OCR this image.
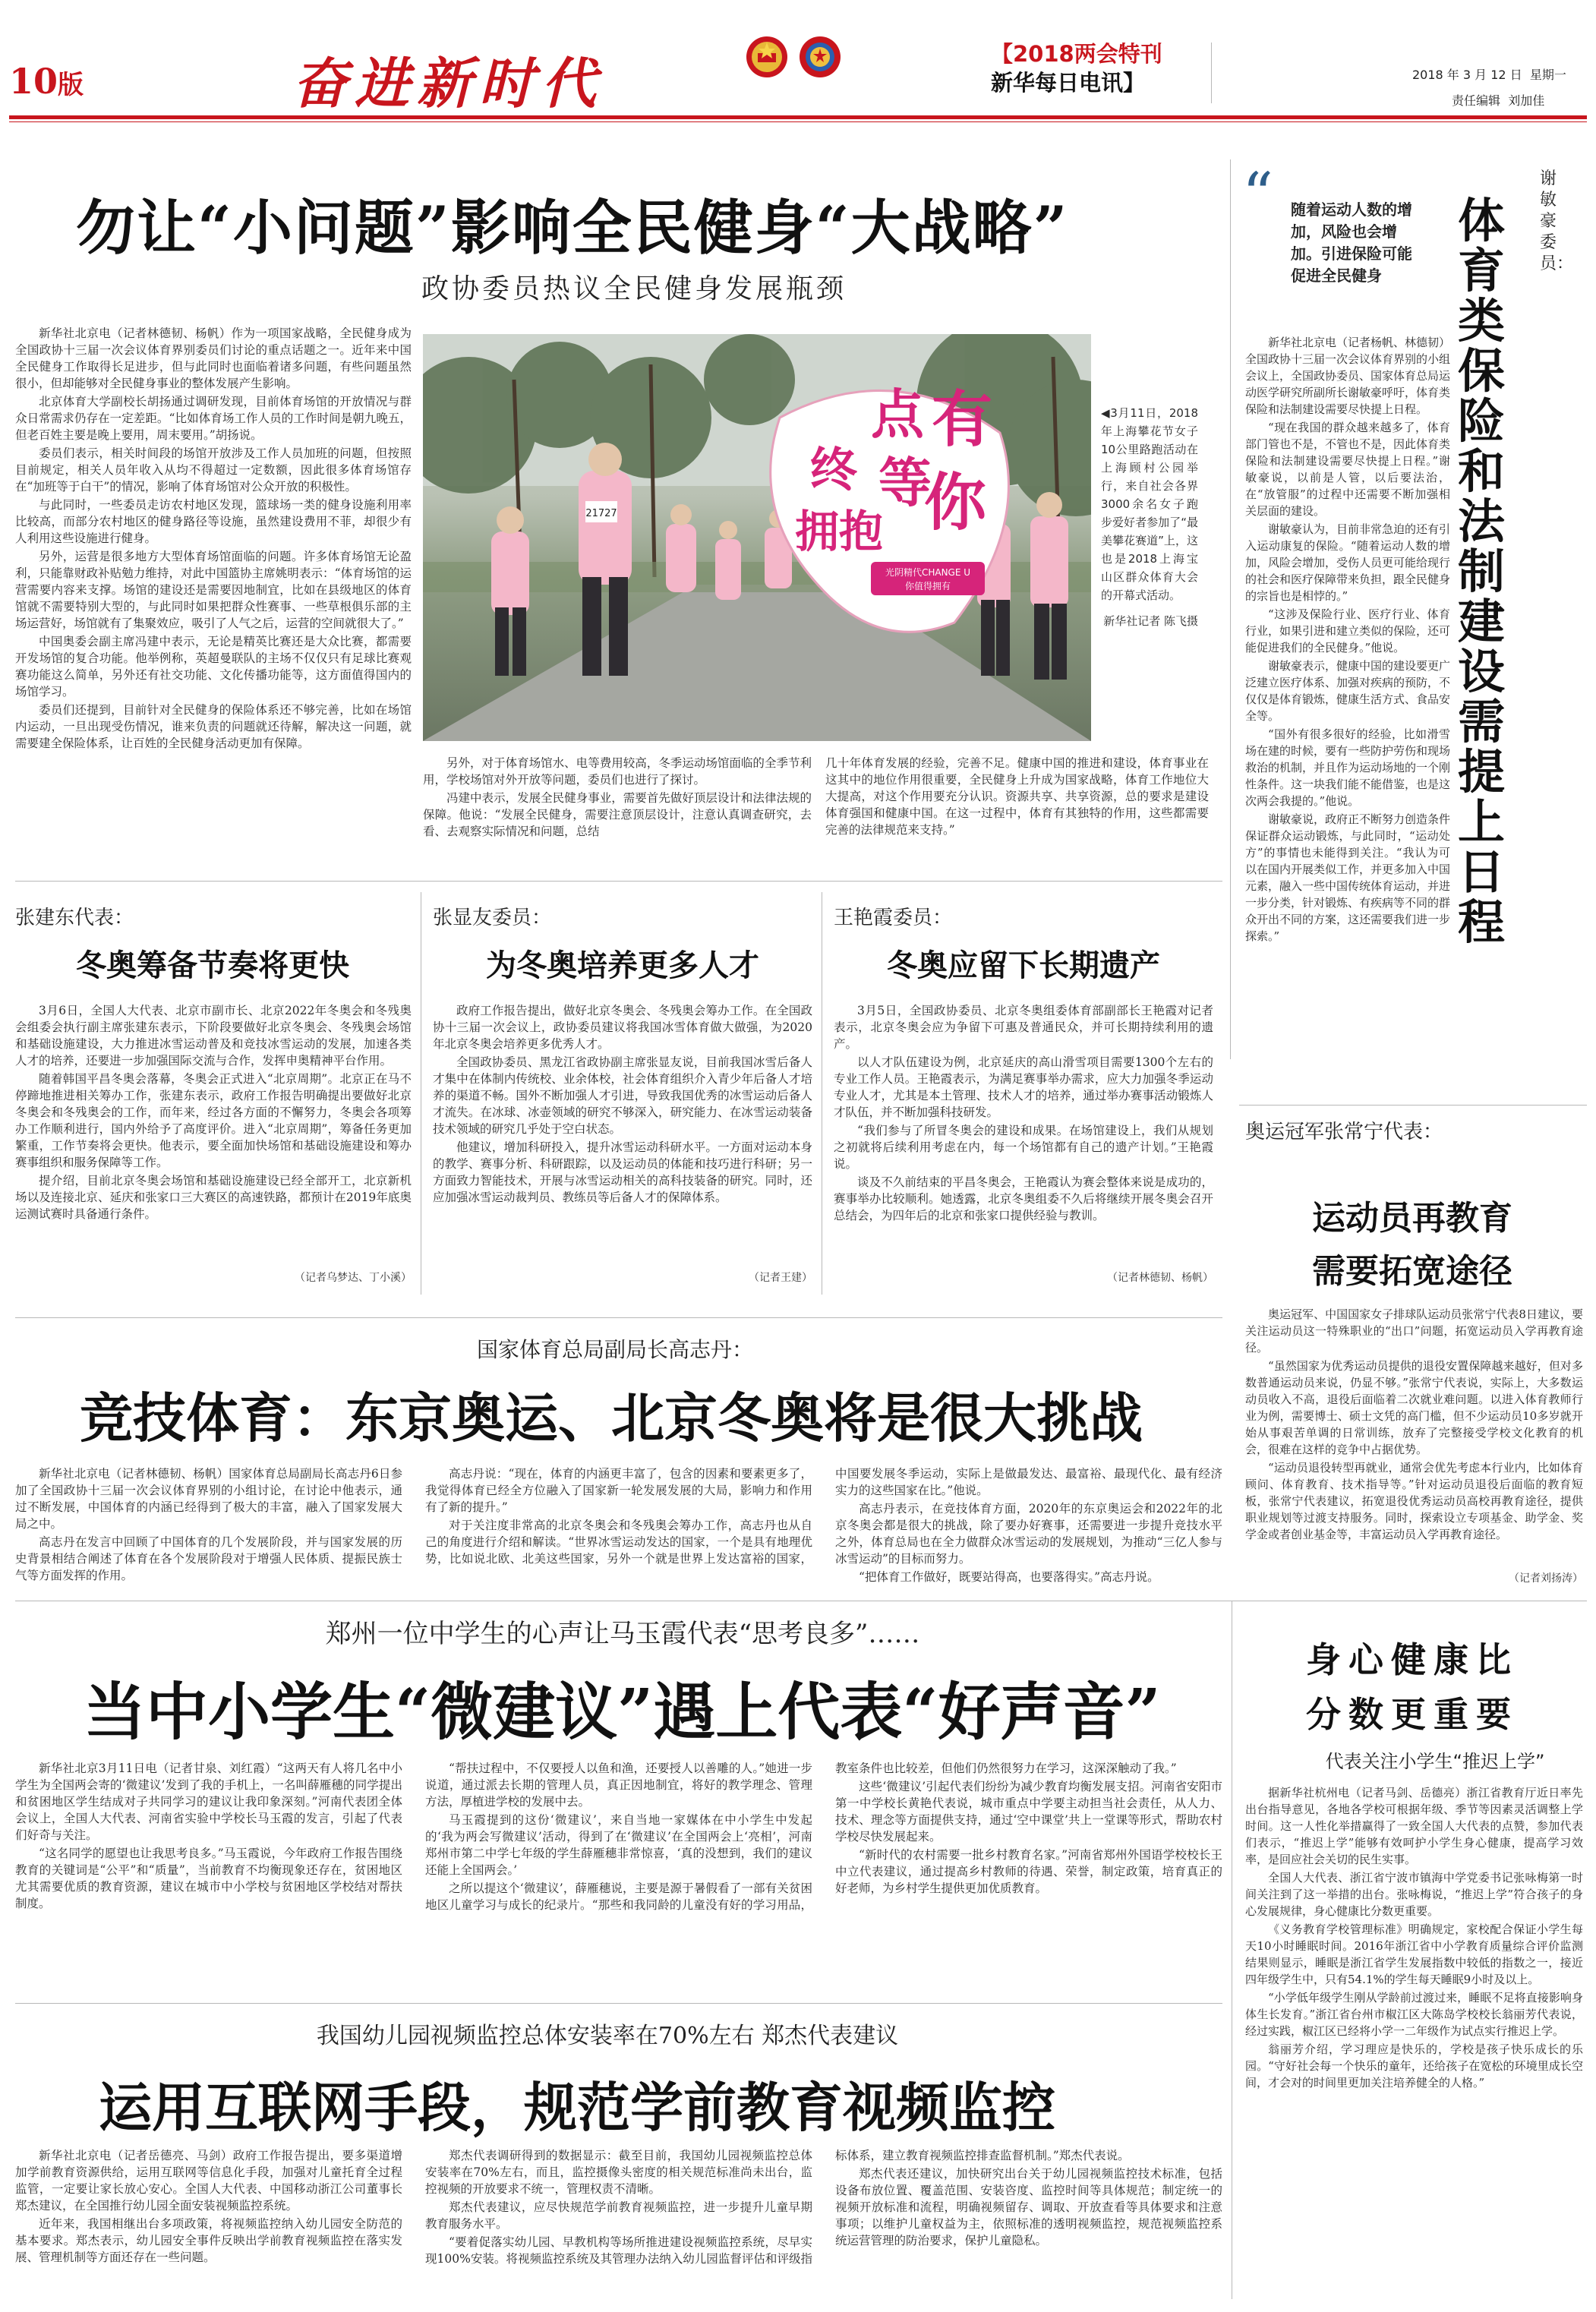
10版	奋进新时代	【2018两会特刊
新华每日电讯】	2018 年 3 月 12 日 星期一
责任编辑 刘加佳
勿让“小问题”影响全民健身“大战略”
政协委员热议全民健身发展瓶颈

新华社北京电（记者林德韧、杨帆）作为一项国家战略，全民健身成为全国政协十三届一次会议体育界别委员们讨论的重点话题之一。近年来中国全民健身工作取得长足进步，但与此同时也面临着诸多问题，有些问题虽然很小，但却能够对全民健身事业的整体发展产生影响。

北京体育大学副校长胡扬通过调研发现，目前体育场馆的开放情况与群众日常需求仍存在一定差距。“比如体育场工作人员的工作时间是朝九晚五，但老百姓主要是晚上要用，周末要用。”胡扬说。

委员们表示，相关时间段的场馆开放涉及工作人员加班的问题，但按照目前规定，相关人员年收入从均不得超过一定数额，因此很多体育场馆存在“加班等于白干”的情况，影响了体育场馆对公众开放的积极性。

与此同时，一些委员走访农村地区发现，篮球场一类的健身设施利用率比较高，而部分农村地区的健身路径等设施，虽然建设费用不菲，却很少有人利用这些设施进行健身。

另外，运营是很多地方大型体育场馆面临的问题。许多体育场馆无论盈利，只能靠财政补贴勉力维持，对此中国篮协主席姚明表示：“体育场馆的运营需要内容来支撑。场馆的建设还是需要因地制宜，比如在县级地区的体育馆就不需要特别大型的，与此同时如果把群众性赛事、一些草根俱乐部的主场运营好，场馆就有了集聚效应，吸引了人气之后，运营的空间就很大了。”

中国奥委会副主席冯建中表示，无论是精英比赛还是大众比赛，都需要开发场馆的复合功能。他举例称，英超曼联队的主场不仅仅只有足球比赛观赛功能这么简单，另外还有社交功能、文化传播功能等，这方面值得国内的场馆学习。

委员们还提到，目前针对全民健身的保险体系还不够完善，比如在场馆内运动，一旦出现受伤情况，谁来负责的问题就还待解，解决这一问题，就需要建全保险体系，让百姓的全民健身活动更加有保障。

21727
点 有
等
终
拥抱 你
光阴精代CHANGE U
你值得拥有
◀3月11日，2018年上海攀花节女子10公里路跑活动在上海顾村公园举行，来自社会各界3000余名女子跑步爱好者参加了“最美攀花赛道”上，这也是2018上海宝山区群众体育大会的开幕式活动。
新华社记者 陈飞摄

另外，对于体育场馆水、电等费用较高，冬季运动场馆面临的全季节利用，学校场馆对外开放等问题，委员们也进行了探讨。

冯建中表示，发展全民健身事业，需要首先做好顶层设计和法律法规的保障。他说：“发展全民健身，需要注意顶层设计，注意认真调查研究，去看、去观察实际情况和问题，总结

几十年体育发展的经验，完善不足。健康中国的推进和建设，体育事业在这其中的地位作用很重要，全民健身上升成为国家战略，体育工作地位大大提高，对这个作用要充分认识。资源共享、共享资源，总的要求是建设体育强国和健康中国。在这一过程中，体育有其独特的作用，这些都需要完善的法律规范来支持。”

“ 随着运动人数的增加，风险也会增加。引进保险可能促进全民健身
谢敏豪委员：
体育类保险和法制建设需提上日程

新华社北京电（记者杨帆、林德韧）全国政协十三届一次会议体育界别的小组会议上，全国政协委员、国家体育总局运动医学研究所副所长谢敏豪呼吁，体育类保险和法制建设需要尽快提上日程。

“现在我国的群众越来越多了，体育部门管也不是，不管也不是，因此体育类保险和法制建设需要尽快提上日程。”谢敏豪说，以前是人管，以后要法治，在“放管服”的过程中还需要不断加强相关层面的建设。

谢敏豪认为，目前非常急迫的还有引入运动康复的保险。“随着运动人数的增加，风险会增加，受伤人员更可能给现行的社会和医疗保障带来负担，跟全民健身的宗旨也是相悖的。”

“这涉及保险行业、医疗行业、体育行业，如果引进和建立类似的保险，还可能促进我们的全民健身。”他说。

谢敏豪表示，健康中国的建设要更广泛建立医疗体系、加强对疾病的预防，不仅仅是体育锻炼，健康生活方式、食品安全等。

“国外有很多很好的经验，比如滑雪场在建的时候，要有一些防护劳伤和现场救治的机制，并且作为运动场地的一个刚性条件。这一块我们能不能借鉴，也是这次两会我提的。”他说。

谢敏豪说，政府正不断努力创造条件保证群众运动锻炼，与此同时，“运动处方”的事情也未能得到关注。“我认为可以在国内开展类似工作，并更多加入中国元素，融入一些中国传统体育运动，并进一步分类，针对锻炼、有疾病等不同的群众开出不同的方案，这还需要我们进一步探索。”

张建东代表：
冬奥筹备节奏将更快

3月6日，全国人大代表、北京市副市长、北京2022年冬奥会和冬残奥会组委会执行副主席张建东表示，下阶段要做好北京冬奥会、冬残奥会场馆和基础设施建设，大力推进冰雪运动普及和竞技冰雪运动的发展，加速各类人才的培养，还要进一步加强国际交流与合作，发挥申奥精神平台作用。

随着韩国平昌冬奥会落幕，冬奥会正式进入“北京周期”。北京正在马不停蹄地推进相关筹办工作，张建东表示，政府工作报告明确提出要做好北京冬奥会和冬残奥会的工作，而年来，经过各方面的不懈努力，冬奥会各项筹办工作顺利进行，国内外给予了高度评价。进入“北京周期”，筹备任务更加繁重，工作节奏将会更快。他表示，要全面加快场馆和基础设施建设和筹办赛事组织和服务保障等工作。

提介绍，目前北京冬奥会场馆和基础设施建设已经全部开工，北京新机场以及连接北京、延庆和张家口三大赛区的高速铁路，都预计在2019年底奥运测试赛时具备通行条件。

（记者乌梦达、丁小溪）
张显友委员：
为冬奥培养更多人才

政府工作报告提出，做好北京冬奥会、冬残奥会筹办工作。在全国政协十三届一次会议上，政协委员建议将我国冰雪体育做大做强，为2020年北京冬奥会培养更多优秀人才。

全国政协委员、黑龙江省政协副主席张显友说，目前我国冰雪后备人才集中在体制内传统校、业余体校，社会体育组织介入青少年后备人才培养的渠道不畅。国外不断加强人才引进，导致我国优秀的冰雪运动后备人才流失。在冰球、冰壶领域的研究不够深入，研究能力、在冰雪运动装备技术领域的研究几乎处于空白状态。

他建议，增加科研投入，提升冰雪运动科研水平。一方面对运动本身的教学、赛事分析、科研跟踪，以及运动员的体能和技巧进行科研；另一方面致力智能技术，开展与冰雪运动相关的高科技装备的研究。同时，还应加强冰雪运动裁判员、教练员等后备人才的保障体系。

（记者王建）
王艳霞委员：
冬奥应留下长期遗产

3月5日，全国政协委员、北京冬奥组委体育部副部长王艳霞对记者表示，北京冬奥会应为争留下可惠及普通民众，并可长期持续利用的遗产。

以人才队伍建设为例，北京延庆的高山滑雪项目需要1300个左右的专业工作人员。王艳霞表示，为满足赛事举办需求，应大力加强冬季运动专业人才，尤其是本土管理、技术人才的培养，通过举办赛事活动锻炼人才队伍，并不断加强科技研发。

“我们参与了所冒冬奥会的建设和成果。在场馆建设上，我们从规划之初就将后续利用考虑在内，每一个场馆都有自己的遗产计划。”王艳霞说。

谈及不久前结束的平昌冬奥会，王艳霞认为赛会整体来说是成功的，赛事举办比较顺利。她透露，北京冬奥组委不久后将继续开展冬奥会召开总结会，为四年后的北京和张家口提供经验与教训。

（记者林德韧、杨帆）
奥运冠军张常宁代表：
运动员再教育
需要拓宽途径

奥运冠军、中国国家女子排球队运动员张常宁代表8日建议，要关注运动员这一特殊职业的“出口”问题，拓宽运动员入学再教育途径。

“虽然国家为优秀运动员提供的退役安置保障越来越好，但对多数普通运动员来说，仍显不够。”张常宁代表说，实际上，大多数运动员收入不高，退役后面临着二次就业难问题。以进入体育教师行业为例，需要博士、硕士文凭的高门槛，但不少运动员10多岁就开始从事艰苦单调的日常训练，放弃了完整接受学校文化教育的机会，很难在这样的竞争中占据优势。

“运动员退役转型再就业，通常会优先考虑本行业内，比如体育顾问、体育教育、技术指导等。”针对运动员退役后面临的教育短板，张常宁代表建议，拓宽退役优秀运动员高校再教育途径，提供职业规划等过渡支持服务。同时，探索设立专项基金、助学金、奖学金或者创业基金等，丰富运动员入学再教育途径。

（记者刘扬涛）
国家体育总局副局长高志丹：
竞技体育：东京奥运、北京冬奥将是很大挑战

新华社北京电（记者林德韧、杨帆）国家体育总局副局长高志丹6日参加了全国政协十三届一次会议体育界别的小组讨论，在讨论中他表示，通过不断发展，中国体育的内涵已经得到了极大的丰富，融入了国家发展大局之中。

高志丹在发言中回顾了中国体育的几个发展阶段，并与国家发展的历史背景相结合阐述了体育在各个发展阶段对于增强人民体质、提振民族士气等方面发挥的作用。

高志丹说：“现在，体育的内涵更丰富了，包含的因素和要素更多了，我觉得体育已经全方位融入了国家新一轮发展发展的大局，影响力和作用有了新的提升。”

对于关注度非常高的北京冬奥会和冬残奥会筹办工作，高志丹也从自己的角度进行介绍和解读。“世界冰雪运动发达的国家，一个是具有地理优势，比如说北欧、北美这些国家，另外一个就是世界上发达富裕的国家，中国要发展冬季运动，实际上是做最发达、最富裕、最现代化、最有经济实力的这些国家在比。”他说。

高志丹表示，在竞技体育方面，2020年的东京奥运会和2022年的北京冬奥会都是很大的挑战，除了要办好赛事，还需要进一步提升竞技水平之外，体育总局也在全力做群众冰雪运动的发展规划，为推动“三亿人参与冰雪运动”的目标而努力。

“把体育工作做好，既要站得高，也要落得实。”高志丹说。

郑州一位中学生的心声让马玉霞代表“思考良多”……
当中小学生“微建议”遇上代表“好声音”

新华社北京3月11日电（记者甘泉、刘红霞）“这两天有人将几名中小学生为全国两会寄的‘微建议’发到了我的手机上，一名叫薛雁穗的同学提出和贫困地区学生结成对子共同学习的建议让我印象深刻。”河南代表团全体会议上，全国人大代表、河南省实验中学校长马玉霞的发言，引起了代表们好奇与关注。

“这名同学的愿望也让我思考良多。”马玉霞说，今年政府工作报告围绕教育的关键词是“公平”和“质量”，当前教育不均衡现象还存在，贫困地区尤其需要优质的教育资源，建议在城市中小学校与贫困地区学校结对帮扶制度。

“帮扶过程中，不仅要授人以鱼和渔，还要授人以善雕的人。”她进一步说道，通过派去长期的管理人员，真正因地制宜，将好的教学理念、管理方法，厚植进学校的发展中去。

马玉霞提到的这份‘微建议’，来自当地一家媒体在中小学生中发起的‘我为两会写微建议’活动，得到了在‘微建议’在全国两会上‘亮相’，河南郑州市第二中学七年级的学生薛雁穗非常惊喜，‘真的没想到，我们的建议还能上全国两会。’

之所以提这个‘微建议’，薛雁穗说，主要是源于暑假看了一部有关贫困地区儿童学习与成长的纪录片。“那些和我同龄的儿童没有好的学习用品，教室条件也比较差，但他们仍然很努力在学习，这深深触动了我。”

这些‘微建议’引起代表们纷纷为减少教育均衡发展支招。河南省安阳市第一中学校长黄艳代表说，城市重点中学要主动担当社会责任，从人力、技术、理念等方面提供支持，通过‘空中课堂’共上一堂课等形式，帮助农村学校尽快发展起来。

“新时代的农村需要一批乡村教育名家。”河南省郑州外国语学校校长王中立代表建议，通过提高乡村教师的待遇、荣誉，制定政策，培育真正的好老师，为乡村学生提供更加优质教育。

身心健康比
分数更重要
代表关注小学生“推迟上学”

据新华社杭州电（记者马剑、岳德亮）浙江省教育厅近日率先出台指导意见，各地各学校可根据年级、季节等因素灵活调整上学时间。这一人性化举措赢得了一致全国人大代表的点赞，参加代表们表示，“推迟上学”能够有效呵护小学生身心健康，提高学习效率，是回应社会关切的民生实事。

全国人大代表、浙江省宁波市镇海中学党委书记张咏梅第一时间关注到了这一举措的出台。张咏梅说，“推迟上学”符合孩子的身心发展规律，身心健康比分数更重要。

《义务教育学校管理标准》明确规定，家校配合保证小学生每天10小时睡眠时间。2016年浙江省中小学教育质量综合评价监测结果则显示，睡眠是浙江省学生发展指数中较低的指数之一，接近四年级学生中，只有54.1%的学生每天睡眠9小时及以上。

“小学低年级学生刚从学龄前过渡过来，睡眠不足将直接影响身体生长发育。”浙江省台州市椒江区大陈岛学校校长翁丽芳代表说，经过实践，椒江区已经将小学一二年级作为试点实行推迟上学。

翁丽芳介绍，学习理应是快乐的，学校是孩子快乐成长的乐园。“守好社会每一个快乐的童年，还给孩子在宽松的环境里成长空间，才会对的时间里更加关注培养健全的人格。”

我国幼儿园视频监控总体安装率在70%左右 郑杰代表建议
运用互联网手段，规范学前教育视频监控

新华社北京电（记者岳德亮、马剑）政府工作报告提出，要多渠道增加学前教育资源供给，运用互联网等信息化手段，加强对儿童托育全过程监管，一定要让家长放心安心。全国人大代表、中国移动浙江公司董事长郑杰建议，在全国推行幼儿园全面安装视频监控系统。

近年来，我国相继出台多项政策，将视频监控纳入幼儿园安全防范的基本要求。郑杰表示，幼儿园安全事件反映出学前教育视频监控在落实发展、管理机制等方面还存在一些问题。

郑杰代表调研得到的数据显示：截至目前，我国幼儿园视频监控总体安装率在70%左右，而且，监控摄像头密度的相关规范标准尚未出台，监控视频的开放要求不统一，管理权责不清晰。

郑杰代表建议，应尽快规范学前教育视频监控，进一步提升儿童早期教育服务水平。

“要着促落实幼儿园、早教机构等场所推进建设视频监控系统，尽早实现100%安装。将视频监控系统及其管理办法纳入幼儿园监督评估和评级指标体系，建立教育视频监控排查监督机制。”郑杰代表说。

郑杰代表还建议，加快研究出台关于幼儿园视频监控技术标准，包括设备布放位置、覆盖范围、安装咨度、监控时间等具体规范；制定统一的视频开放标准和流程，明确视频留存、调取、开放查看等具体要求和注意事项；以维护儿童权益为主，依照标准的透明视频监控，规范视频监控系统运营管理的防治要求，保护儿童隐私。
